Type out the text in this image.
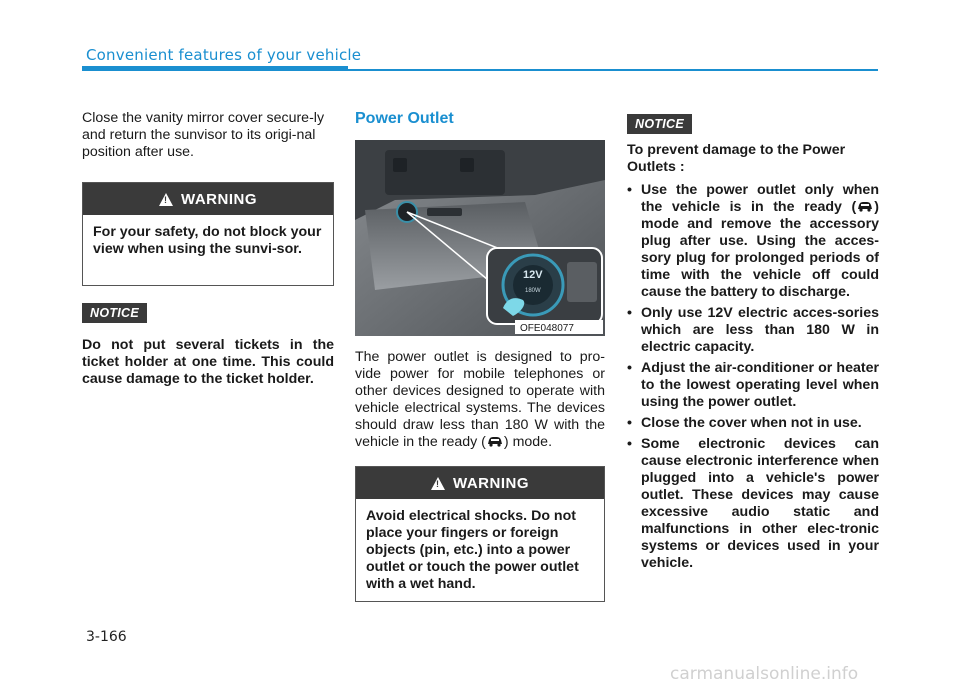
Convenient features of your vehicle

Close the vanity mirror cover secure-ly and return the sunvisor to its origi-nal position after use.

!
WARNING
For your safety, do not block your view when using the sunvi-sor.
NOTICE

Do not put several tickets in the ticket holder at one time. This could cause damage to the ticket holder.

Power Outlet
12V
180W
OFE048077

The power outlet is designed to pro-vide power for mobile telephones or other devices designed to operate with vehicle electrical systems. The devices should draw less than 180 W with the vehicle in the ready ( ) mode.

!
WARNING
Avoid electrical shocks. Do not place your fingers or foreign objects (pin, etc.) into a power outlet or touch the power outlet with a wet hand.
NOTICE

To prevent damage to the Power Outlets :

• Use the power outlet only when the vehicle is in the ready ( ) mode and remove the accessory plug after use. Using the acces-sory plug for prolonged periods of time with the vehicle off could cause the battery to discharge.
• Only use 12V electric acces-sories which are less than 180 W in electric capacity.
• Adjust the air-conditioner or heater to the lowest operating level when using the power outlet.
• Close the cover when not in use.
• Some electronic devices can cause electronic interference when plugged into a vehicle's power outlet. These devices may cause excessive audio static and malfunctions in other elec-tronic systems or devices used in your vehicle.
3-166
carmanualsonline.info
